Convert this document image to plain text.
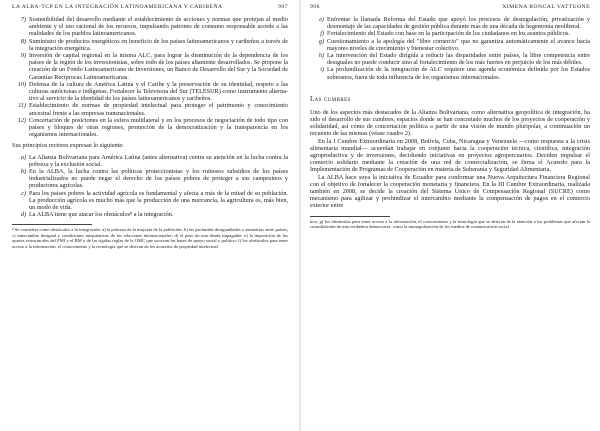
LA ALBA-TCP EN LA INTEGRACIÓN LATINOAMERICANA Y CARIBEÑA	997
7) Sostenibilidad del desarrollo mediante el establecimiento de acciones y normas que protejan al medio ambiente y el uso racional de los recursos, impulsando patrones de consumo responsable acorde a las realidades de los pueblos latinoamericanos.
8) Suministro de productos energéticos en beneficio de los países latinoamericanos y caribeños a través de la integración energética.
9) Inversión de capital regional en la misma ALC, para lograr la disminución de la dependencia de los países de la región de los inversionistas, sobre todo de los países altamente desarrollados. Se propone la creación de un Fondo Latinoamericano de Inversiones, un Banco de Desarrollo del Sur y la Sociedad de Garantías Recíprocas Latinoamericanas.
10) Defensa de la cultura de América Latina y el Caribe y la preservación de su identidad, respeto a las culturas autóctonas e indígenas. Fortalecer la Televisora del Sur (TELESUR) como instrumento alternativo al servicio de la identidad de los países latinoamericanos y caribeños.
11) Establecimiento de normas de propiedad intelectual para proteger el patrimonio y conocimiento ancestral frente a las empresas transnacionales.
12) Concertación de posiciones en la esfera multilateral y en los procesos de negociación de todo tipo con países y bloques de otras regiones, promoción de la democratización y la transparencia en los organismos internacionales.

Sus principios rectores expresan lo siguiente:

a) La Alianza Bolivariana para América Latina (antes alternativa) centra su atención en la lucha contra la pobreza y la exclusión social.
b) En la ALBA, la lucha contra las políticas proteccionistas y los ruinosos subsidios de los países industrializados no puede negar el derecho de los países pobres de proteger a sus campesinos y productores agrícolas.
c) Para los países pobres la actividad agrícola es fundamental y afecta a más de la mitad de su población. La producción agrícola es mucho más que la producción de una mercancía, la agricultura es, más bien, un modo de vida.
d) La ALBA tiene que atacar los obstáculos⁸ a la integración.

⁸ Se considera como obstáculos a la integración: a) la pobreza de la mayoría de la población; b) las profundas desigualdades y asimetrías entre países; c) intercambio desigual y condiciones inequitativas de las relaciones internacionales; d) el peso de una deuda impagable; e) la imposición de los ajustes estructurales del FMI y el BM y de las rígidas reglas de la OMC que socavan las bases de apoyo social y político; f) los obstáculos para tener acceso a la información, el conocimiento y la tecnología que se derivan de los acuerdos de propiedad intelectual.

998	XIMENA RONCAL VATTUONE
e) Enfrentar la llamada Reforma del Estado que apoyó los procesos de desregulación, privatización y desmontaje de las capacidades de gestión pública durante más de una década de hegemonía neoliberal.
f) Fortalecimiento del Estado con base en la participación de los ciudadanos en los asuntos públicos.
g) Cuestionamiento a la apología del "libre comercio" que no garantiza automáticamente el avance hacia mayores niveles de crecimiento y bienestar colectivo.
h) La intervención del Estado dirigida a reducir las disparidades entre países, la libre competencia entre desiguales no puede conducir sino al fortalecimiento de los más fuertes en perjuicio de los más débiles.
i) La profundización de la integración de ALC requiere una agenda económica definida por los Estados soberanos, fuera de toda influencia de los organismos internacionales.
Las cumbres

Uno de los aspectos más destacados de la Alianza Bolivariana, como alternativa geopolítica de integración, ha sido el desarrollo de sus cumbres, espacios donde se han concretado muchos de los proyectos de cooperación y solidaridad, así como de concertación política a partir de una visión de mundo pluripolar, a continuación un recuento de las mismas (véase cuadro 2).

En la I Cumbre Extraordinaria en 2008, Bolivia, Cuba, Nicaragua y Venezuela —como respuesta a la crisis alimentaria mundial— acuerdan trabajar en conjunto hacia la cooperación técnica, científica, integración agroproductiva y de inversiones, decidiendo iniciativas en proyectos agropercuarios. Deciden impulsar el comercio solidario mediante la creación de una red de comercialización, se firma el Acuerdo para la Implementación de Programas de Cooperación en materia de Soberanía y Seguridad Alimentaria.

La ALBA hace suya la iniciativa de Ecuador para conformar una Nueva Arquitectura Financiera Regional con el objetivo de fortalecer la cooperación monetaria y financiera. En la III Cumbre Extraordinaria, realizada también en 2008, se decide la creación del Sistema Único de Compensación Regional (SUCRE) como mecanismo para agilizar y profundizar el intercambio mediante la compensación de pagos en el comercio exterior entre

tico; g) los obstáculos para tener acceso a la información, el conocimiento y la tecnología que se derivan de la atención a los problemas que afectan la consolidación de una verdadera democracia, como la monopolización de los medios de comunicación social.
